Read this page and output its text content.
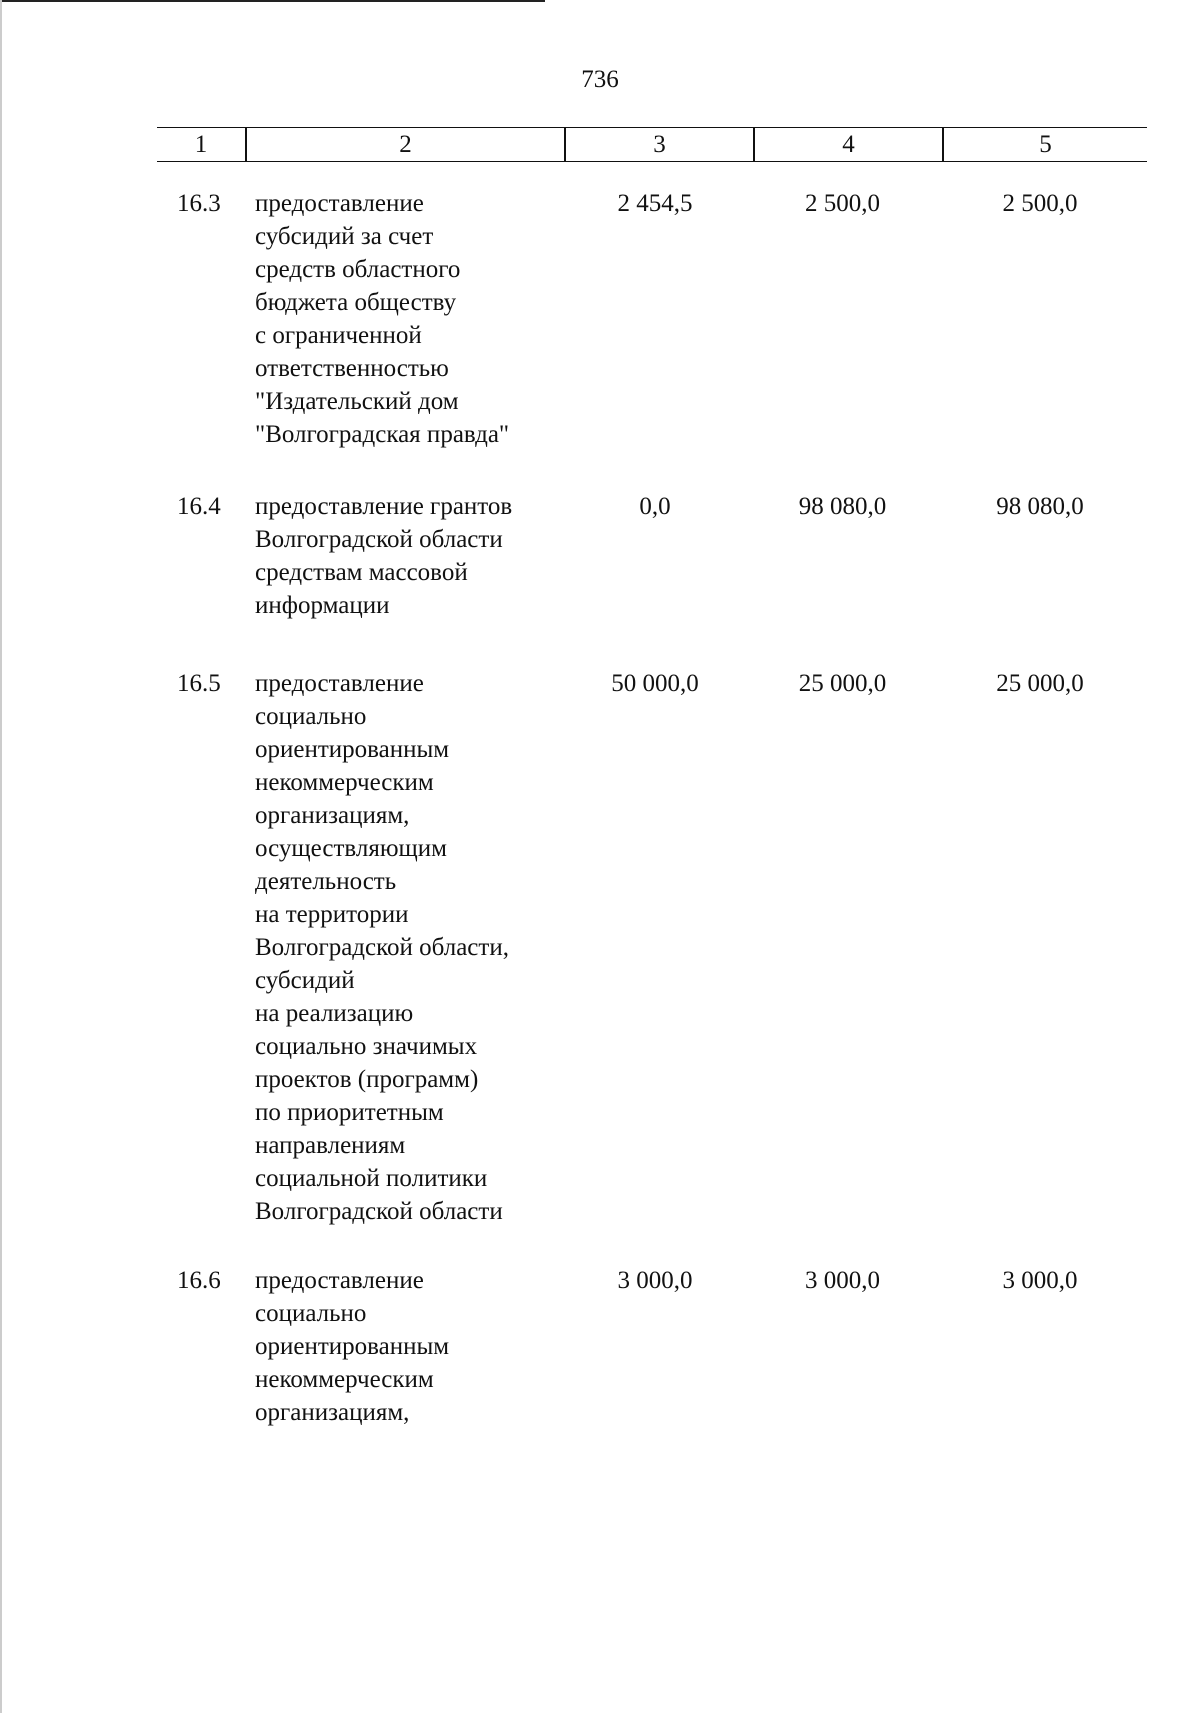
736
1	2	3	4	5
16.3 предоставление
субсидий за счет
средств областного
бюджета обществу
с ограниченной
ответственностью
"Издательский дом
"Волгоградская правда"
2 454,5	2 500,0	2 500,0
16.4 предоставление грантов
Волгоградской области
средствам массовой
информации
0,0	98 080,0	98 080,0
16.5 предоставление
социально
ориентированным
некоммерческим
организациям,
осуществляющим
деятельность
на территории
Волгоградской области,
субсидий
на реализацию
социально значимых
проектов (программ)
по приоритетным
направлениям
социальной политики
Волгоградской области
50 000,0	25 000,0	25 000,0
16.6 предоставление
социально
ориентированным
некоммерческим
организациям,
3 000,0	3 000,0	3 000,0
